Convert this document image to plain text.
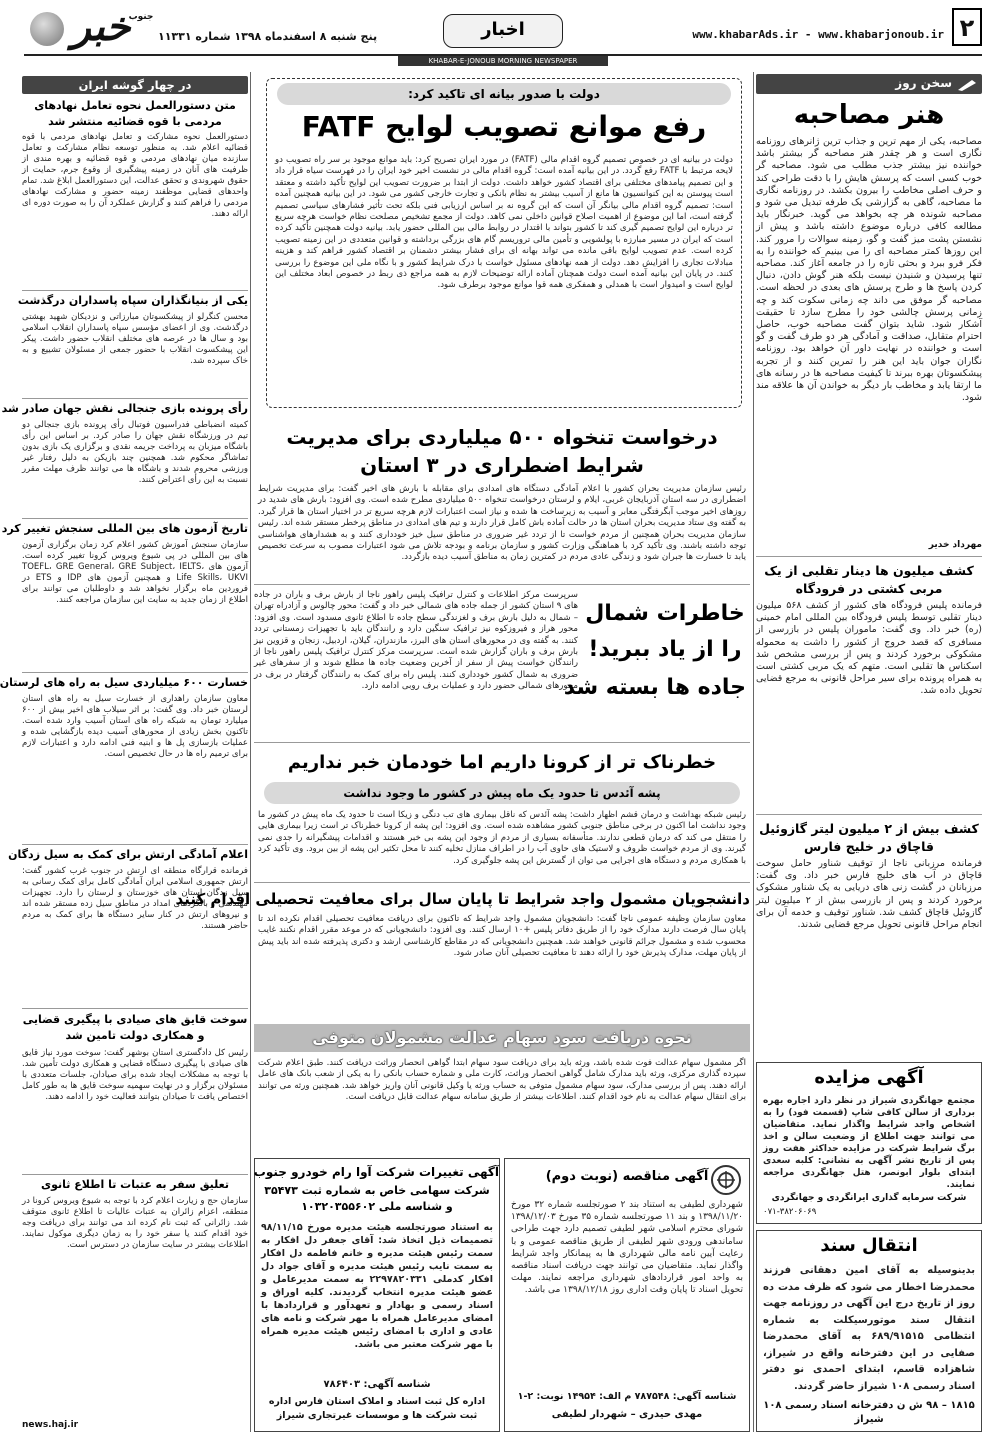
۲
www.khabarAds.ir - www.khabarjonoub.ir
اخبار
پنج شنبه ۸ اسفندماه ۱۳۹۸ شماره ۱۱۳۳۱
خبر
جنوب
KHABAR-E-JONOUB MORNING NEWSPAPER
سخن روز
هنر مصاحبه
مصاحبه، یکی از مهم ترین و جذاب ترین ژانرهای روزنامه نگاری است و هر چقدر هنر مصاحبه گر بیشتر باشد خواننده نیز بیشتر جذب مطلب می شود. مصاحبه گر خوب کسی است که پرسش هایش را با دقت طراحی کند و حرف اصلی مخاطب را بیرون بکشد. در روزنامه نگاری ما مصاحبه، گاهی به گزارشی یک طرفه تبدیل می شود و مصاحبه شونده هر چه بخواهد می گوید. خبرنگار باید مطالعه کافی درباره موضوع داشته باشد و پیش از نشستن پشت میز گفت و گو، زمینه سوالات را مرور کند. این روزها کمتر مصاحبه ای را می بینیم که خواننده را به فکر فرو ببرد و بحثی تازه را در جامعه آغاز کند. مصاحبه تنها پرسیدن و شنیدن نیست بلکه هنر گوش دادن، دنبال کردن پاسخ ها و طرح پرسش های بعدی در لحظه است. مصاحبه گر موفق می داند چه زمانی سکوت کند و چه زمانی پرسش چالشی خود را مطرح سازد تا حقیقت آشکار شود. شاید بتوان گفت مصاحبه خوب، حاصل احترام متقابل، صداقت و آمادگی هر دو طرف گفت و گو است و خواننده در نهایت داور آن خواهد بود. روزنامه نگاران جوان باید این هنر را تمرین کنند و از تجربه پیشکسوتان بهره ببرند تا کیفیت مصاحبه ها در رسانه های ما ارتقا یابد و مخاطب بار دیگر به خواندن آن ها علاقه مند شود.
مهرداد خدیر
کشف میلیون ها دینار تقلبی از یک مربی کشتی در فرودگاه
فرمانده پلیس فرودگاه های کشور از کشف ۵۶۸ میلیون دینار تقلبی توسط پلیس فرودگاه بین المللی امام خمینی (ره) خبر داد. وی گفت: ماموران پلیس در بازرسی از مسافری که قصد خروج از کشور را داشت به محموله مشکوکی برخورد کردند و پس از بررسی مشخص شد اسکناس ها تقلبی است. متهم که یک مربی کشتی است به همراه پرونده برای سیر مراحل قانونی به مرجع قضایی تحویل داده شد.
کشف بیش از ۲ میلیون لیتر گازوئیل قاچاق در خلیج فارس
فرمانده مرزبانی ناجا از توقیف شناور حامل سوخت قاچاق در آب های خلیج فارس خبر داد. وی گفت: مرزبانان در گشت زنی های دریایی به یک شناور مشکوک برخورد کردند و پس از بازرسی بیش از ۲ میلیون لیتر گازوئیل قاچاق کشف شد. شناور توقیف و خدمه آن برای انجام مراحل قانونی تحویل مرجع قضایی شدند.
آگهی مزایده
مجتمع جهانگردی شیراز در نظر دارد اجاره بهره برداری از سالن کافی شاپ (قسمت فود) را به اشخاص واجد شرایط واگذار نماید. متقاضیان می توانند جهت اطلاع از وضعیت سالن و اخذ برگ شرایط شرکت در مزایده حداکثر هفت روز پس از تاریخ نشر آگهی به نشانی: کلبه سعدی ابتدای بلوار ابونصر، هتل جهانگردی مراجعه نمایند.
شرکت سرمایه گذاری ایرانگردی و جهانگردی
۰۷۱-۳۸۲۰۶۰۶۹
انتقال سند
بدینوسیله به آقای امین دهقانی فرزند محمدرضا اخطار می شود که ظرف مدت ده روز از تاریخ درج این آگهی در روزنامه جهت انتقال سند موتورسیکلت به شماره انتظامی ۶۸۹/۹۱۵۱۵ به آقای محمدرضا صفایی در این دفترخانه واقع در شیراز، شاهزاده قاسم، ابتدای احمدی نو دفتر اسناد رسمی ۱۰۸ شیراز حاضر گردند.
۱۸۱۵ – ۹۸ ش ن دفترخانه اسناد رسمی ۱۰۸ شیراز
در چهار گوشه ایران
متن دستورالعمل نحوه تعامل نهادهای مردمی با قوه قضائیه منتشر شد
دستورالعمل نحوه مشارکت و تعامل نهادهای مردمی با قوه قضائیه اعلام شد. به منظور توسعه نظام مشارکت و تعامل سازنده میان نهادهای مردمی و قوه قضائیه و بهره مندی از ظرفیت های آنان در زمینه پیشگیری از وقوع جرم، حمایت از حقوق شهروندی و تحقق عدالت، این دستورالعمل ابلاغ شد. تمام واحدهای قضایی موظفند زمینه حضور و مشارکت نهادهای مردمی را فراهم کنند و گزارش عملکرد آن را به صورت دوره ای ارائه دهند.
یکی از بنیانگذاران سپاه پاسداران درگذشت
محسن کنگرلو از پیشکسوتان مبارزاتی و نزدیکان شهید بهشتی درگذشت. وی از اعضای مؤسس سپاه پاسداران انقلاب اسلامی بود و سال ها در عرصه های مختلف انقلاب حضور داشت. پیکر این پیشکسوت انقلاب با حضور جمعی از مسئولان تشییع و به خاک سپرده شد.
رأی پرونده بازی جنجالی نقش جهان صادر شد
کمیته انضباطی فدراسیون فوتبال رأی پرونده بازی جنجالی دو تیم در ورزشگاه نقش جهان را صادر کرد. بر اساس این رأی باشگاه میزبان به پرداخت جریمه نقدی و برگزاری یک بازی بدون تماشاگر محکوم شد. همچنین چند بازیکن به دلیل رفتار غیر ورزشی محروم شدند و باشگاه ها می توانند ظرف مهلت مقرر نسبت به این رأی اعتراض کنند.
تاریخ آزمون های بین المللی سنجش تغییر کرد
سازمان سنجش آموزش کشور اعلام کرد زمان برگزاری آزمون های بین المللی در پی شیوع ویروس کرونا تغییر کرده است. آزمون های TOEFL، GRE General، GRE Subject، IELTS، Life Skills، UKVI و همچنین آزمون های IDP و ETS در فروردین ماه برگزار نخواهد شد و داوطلبان می توانند برای اطلاع از زمان جدید به سایت این سازمان مراجعه کنند.
خسارت ۶۰۰ میلیاردی سیل به راه های لرستان
معاون سازمان راهداری از خسارت سیل به راه های استان لرستان خبر داد. وی گفت: بر اثر سیلاب های اخیر بیش از ۶۰۰ میلیارد تومان به شبکه راه های استان آسیب وارد شده است. تاکنون بخش زیادی از محورهای آسیب دیده بازگشایی شده و عملیات بازسازی پل ها و ابنیه فنی ادامه دارد و اعتبارات لازم برای ترمیم راه ها در حال تخصیص است.
اعلام آمادگی ارتش برای کمک به سیل زدگان
فرمانده قرارگاه منطقه ای ارتش در جنوب غرب کشور گفت: ارتش جمهوری اسلامی ایران آمادگی کامل برای کمک رسانی به سیل زدگان استان های خوزستان و لرستان را دارد. تجهیزات مهندسی و بالگردهای امداد در مناطق سیل زده مستقر شده اند و نیروهای ارتش در کنار سایر دستگاه ها برای کمک به مردم حاضر هستند.
سوخت قایق های صیادی با پیگیری قضایی و همکاری دولت تامین شد
رئیس کل دادگستری استان بوشهر گفت: سوخت مورد نیاز قایق های صیادی با پیگیری دستگاه قضایی و همکاری دولت تأمین شد. با توجه به مشکلات ایجاد شده برای صیادان، جلسات متعددی با مسئولان برگزار و در نهایت سهمیه سوخت قایق ها به طور کامل اختصاص یافت تا صیادان بتوانند فعالیت خود را ادامه دهند.
تعلیق سفر به عتبات تا اطلاع ثانوی
سازمان حج و زیارت اعلام کرد با توجه به شیوع ویروس کرونا در منطقه، اعزام زائران به عتبات عالیات تا اطلاع ثانوی متوقف شد. زائرانی که ثبت نام کرده اند می توانند برای دریافت وجه خود اقدام کنند یا سفر خود را به زمان دیگری موکول نمایند. اطلاعات بیشتر در سایت سازمان در دسترس است.
news.haj.ir
دولت با صدور بیانه ای تاکید کرد:
رفع موانع تصویب لوایح FATF
دولت در بیانیه ای در خصوص تصمیم گروه اقدام مالی (FATF) در مورد ایران تصریح کرد: باید موانع موجود بر سر راه تصویب دو لایحه مرتبط با FATF رفع گردد. در این بیانیه آمده است: گروه اقدام مالی در نشست اخیر خود ایران را در فهرست سیاه قرار داد و این تصمیم پیامدهای مختلفی برای اقتصاد کشور خواهد داشت. دولت از ابتدا بر ضرورت تصویب این لوایح تأکید داشته و معتقد است پیوستن به این کنوانسیون ها مانع از آسیب بیشتر به نظام بانکی و تجارت خارجی کشور می شود. در این بیانیه همچنین آمده است: تصمیم گروه اقدام مالی بیانگر آن است که این گروه نه بر اساس ارزیابی فنی بلکه تحت تأثیر فشارهای سیاسی تصمیم گرفته است، اما این موضوع از اهمیت اصلاح قوانین داخلی نمی کاهد. دولت از مجمع تشخیص مصلحت نظام خواست هرچه سریع تر درباره این لوایح تصمیم گیری کند تا کشور بتواند با اقتدار در روابط مالی بین المللی حضور یابد. بیانیه دولت همچنین تأکید کرده است که ایران در مسیر مبارزه با پولشویی و تأمین مالی تروریسم گام های بزرگی برداشته و قوانین متعددی در این زمینه تصویب کرده است. عدم تصویب لوایح باقی مانده می تواند بهانه ای برای فشار بیشتر دشمنان بر اقتصاد کشور فراهم کند و هزینه مبادلات تجاری را افزایش دهد. دولت از همه نهادهای مسئول خواست با درک شرایط کشور و با نگاه ملی این موضوع را بررسی کنند. در پایان این بیانیه آمده است دولت همچنان آماده ارائه توضیحات لازم به همه مراجع ذی ربط در خصوص ابعاد مختلف این لوایح است و امیدوار است با همدلی و همفکری همه قوا موانع موجود برطرف شود.
درخواست تنخواه ۵۰۰ میلیاردی برای مدیریت
شرایط اضطراری در ۳ استان
رئیس سازمان مدیریت بحران کشور با اعلام آمادگی دستگاه های امدادی برای مقابله با بارش های اخیر گفت: برای مدیریت شرایط اضطراری در سه استان آذربایجان غربی، ایلام و لرستان درخواست تنخواه ۵۰۰ میلیاردی مطرح شده است. وی افزود: بارش های شدید در روزهای اخیر موجب آبگرفتگی معابر و آسیب به زیرساخت ها شده و نیاز است اعتبارات لازم هرچه سریع تر در اختیار استان ها قرار گیرد. به گفته وی ستاد مدیریت بحران استان ها در حالت آماده باش کامل قرار دارند و تیم های امدادی در مناطق پرخطر مستقر شده اند. رئیس سازمان مدیریت بحران همچنین از مردم خواست تا از تردد غیر ضروری در مناطق سیل خیز خودداری کنند و به هشدارهای هواشناسی توجه داشته باشند. وی تأکید کرد با هماهنگی وزارت کشور و سازمان برنامه و بودجه تلاش می شود اعتبارات مصوب به سرعت تخصیص یابد تا خسارت ها جبران شود و زندگی عادی مردم در کمترین زمان به مناطق آسیب دیده بازگردد.
سرپرست مرکز اطلاعات و کنترل ترافیک پلیس راهور ناجا از بارش برف و باران در جاده های ۹ استان کشور از جمله جاده های شمالی خبر داد و گفت: محور چالوس و آزادراه تهران – شمال به دلیل بارش برف و لغزندگی سطح جاده تا اطلاع ثانوی مسدود است. وی افزود: محور هراز و فیروزکوه نیز ترافیک سنگین دارد و رانندگان باید با تجهیزات زمستانی تردد کنند. به گفته وی در محورهای استان های البرز، مازندران، گیلان، اردبیل، زنجان و قزوین نیز بارش برف و باران گزارش شده است. سرپرست مرکز کنترل ترافیک پلیس راهور ناجا از رانندگان خواست پیش از سفر از آخرین وضعیت جاده ها مطلع شوند و از سفرهای غیر ضروری به شمال کشور خودداری کنند. پلیس راه برای کمک به رانندگان گرفتار در برف در محورهای شمالی حضور دارد و عملیات برف روبی ادامه دارد.
خاطرات شمال
را از یاد ببرید!
جاده ها بسته شد
خطرناک تر از کرونا داریم اما خودمان خبر نداریم
پشه آئدس تا حدود یک ماه پیش در کشور ما وجود نداشت
رئیس شبکه بهداشت و درمان قشم اظهار داشت: پشه آئدس که ناقل بیماری های تب دنگی و زیکا است تا حدود یک ماه پیش در کشور ما وجود نداشت اما اکنون در برخی مناطق جنوبی کشور مشاهده شده است. وی افزود: این پشه از کرونا خطرناک تر است زیرا بیماری هایی را منتقل می کند که درمان قطعی ندارند. متأسفانه بسیاری از مردم از وجود این پشه بی خبر هستند و اقدامات پیشگیرانه را جدی نمی گیرند. وی از مردم خواست ظروف و لاستیک های حاوی آب را در اطراف منازل تخلیه کنند تا محل تکثیر این پشه از بین برود. وی تأکید کرد با همکاری مردم و دستگاه های اجرایی می توان از گسترش این پشه جلوگیری کرد.
دانشجویان مشمول واجد شرایط تا پایان سال برای معافیت تحصیلی اقدام کنند
معاون سازمان وظیفه عمومی ناجا گفت: دانشجویان مشمول واجد شرایط که تاکنون برای دریافت معافیت تحصیلی اقدام نکرده اند تا پایان سال فرصت دارند مدارک خود را از طریق دفاتر پلیس +۱۰ ارسال کنند. وی افزود: دانشجویانی که در موعد مقرر اقدام نکنند غایب محسوب شده و مشمول جرائم قانونی خواهند شد. همچنین دانشجویانی که در مقاطع کارشناسی ارشد و دکتری پذیرفته شده اند باید پیش از پایان مهلت، مدارک پذیرش خود را ارائه دهند تا معافیت تحصیلی آنان صادر شود.
نحوه دریافت سود سهام عدالت مشمولان متوفی
اگر مشمول سهام عدالت فوت شده باشد، ورثه باید برای دریافت سود سهام ابتدا گواهی انحصار وراثت دریافت کنند. طبق اعلام شرکت سپرده گذاری مرکزی، ورثه باید مدارک شامل گواهی انحصار وراثت، کارت ملی و شماره حساب بانکی را به یکی از شعب بانک های عامل ارائه دهند. پس از بررسی مدارک، سود سهام مشمول متوفی به حساب ورثه یا وکیل قانونی آنان واریز خواهد شد. همچنین ورثه می توانند برای انتقال سهام عدالت به نام خود اقدام کنند. اطلاعات بیشتر از طریق سامانه سهام عدالت قابل دریافت است.
آگهی تغییرات شرکت آوا رام خودرو جنوب
شرکت سهامی خاص به شماره ثبت ۳۵۴۷۳ و شناسه ملی ۱۰۳۲۰۳۵۵۶۰۲
به استناد صورتجلسه هیئت مدیره مورخ ۹۸/۱۱/۱۵ تصمیمات ذیل اتخاذ شد: آقای جعفر دل افکار به سمت رئیس هیئت مدیره و خانم فاطمه دل افکار به سمت نایب رئیس هیئت مدیره و آقای جواد دل افکار کدملی ۲۲۹۷۸۲۰۳۳۱ به سمت مدیرعامل و عضو هیئت مدیره انتخاب گردیدند. کلیه اوراق و اسناد رسمی و بهادار و تعهدآور و قراردادها با امضای مدیرعامل همراه با مهر شرکت و نامه های عادی و اداری با امضای رئیس هیئت مدیره همراه با مهر شرکت معتبر می باشد.
شناسه آگهی: ۷۸۶۴۰۳
اداره کل ثبت اسناد و املاک استان فارس اداره ثبت شرکت ها و موسسات غیرتجاری شیراز
آگهی مناقصه (نوبت دوم)
شهرداری لطیفی به استناد بند ۲ صورتجلسه شماره ۳۲ مورخ ۱۳۹۸/۱۱/۲۰ و بند ۱۱ صورتجلسه شماره ۳۵ مورخ ۱۳۹۸/۱۲/۰۳ شورای محترم اسلامی شهر لطیفی تصمیم دارد جهت طراحی ساماندهی ورودی شهر لطیفی از طریق مناقصه عمومی و با رعایت آیین نامه مالی شهرداری ها به پیمانکار واجد شرایط واگذار نماید. متقاضیان می توانند جهت دریافت اسناد مناقصه به واحد امور قراردادهای شهرداری مراجعه نمایند. مهلت تحویل اسناد تا پایان وقت اداری روز ۱۳۹۸/۱۲/۱۸ می باشد.
شناسه آگهی: ۷۸۷۵۴۸ م الف: ۱۴۹۵۴ نوبت: ۲-۱
مهدی حیدری – شهردار لطیفی
